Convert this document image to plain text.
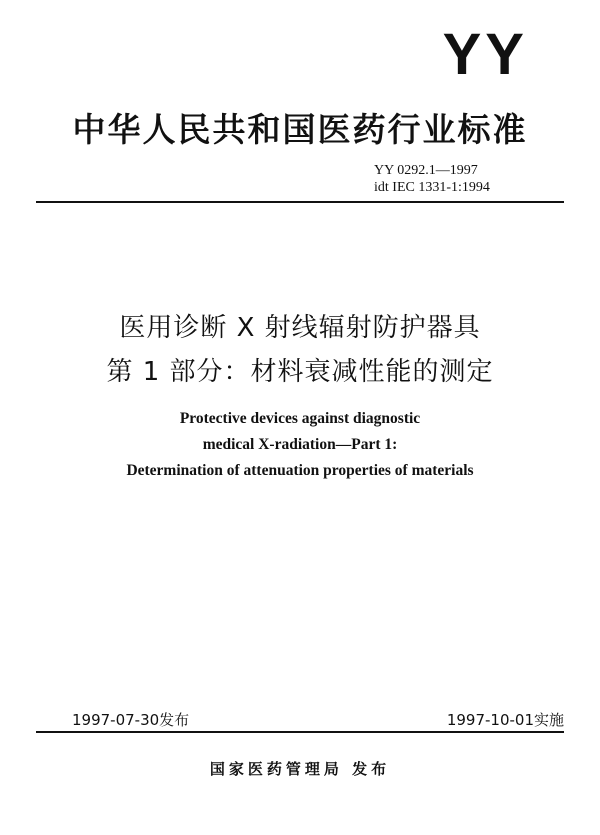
YY
中华人民共和国医药行业标准
YY 0292.1—1997
idt IEC 1331-1:1994
医用诊断 X 射线辐射防护器具
第 1 部分：材料衰减性能的测定
Protective devices against diagnostic
medical X-radiation—Part 1:
Determination of attenuation properties of materials
1997-07-30发布	1997-10-01实施
国家医药管理局 发布
